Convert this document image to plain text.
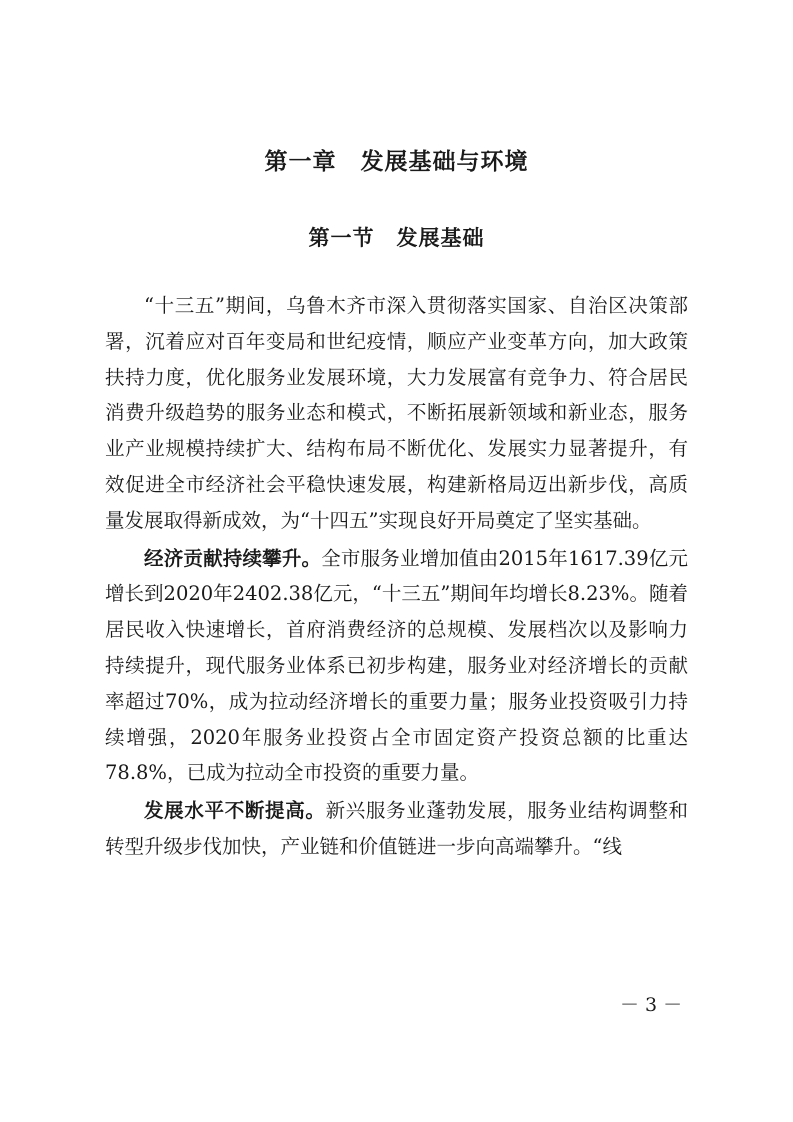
第一章　发展基础与环境
第一节　发展基础

“十三五”期间，乌鲁木齐市深入贯彻落实国家、自治区决策部署，沉着应对百年变局和世纪疫情，顺应产业变革方向，加大政策扶持力度，优化服务业发展环境，大力发展富有竞争力、符合居民消费升级趋势的服务业态和模式，不断拓展新领域和新业态，服务业产业规模持续扩大、结构布局不断优化、发展实力显著提升，有效促进全市经济社会平稳快速发展，构建新格局迈出新步伐，高质量发展取得新成效，为“十四五”实现良好开局奠定了坚实基础。

经济贡献持续攀升。全市服务业增加值由2015年1617.39亿元增长到2020年2402.38亿元，“十三五”期间年均增长8.23%。随着居民收入快速增长，首府消费经济的总规模、发展档次以及影响力持续提升，现代服务业体系已初步构建，服务业对经济增长的贡献率超过70%，成为拉动经济增长的重要力量；服务业投资吸引力持续增强，2020年服务业投资占全市固定资产投资总额的比重达78.8%，已成为拉动全市投资的重要力量。

发展水平不断提高。新兴服务业蓬勃发展，服务业结构调整和转型升级步伐加快，产业链和价值链进一步向高端攀升。“线

－ 3 －
